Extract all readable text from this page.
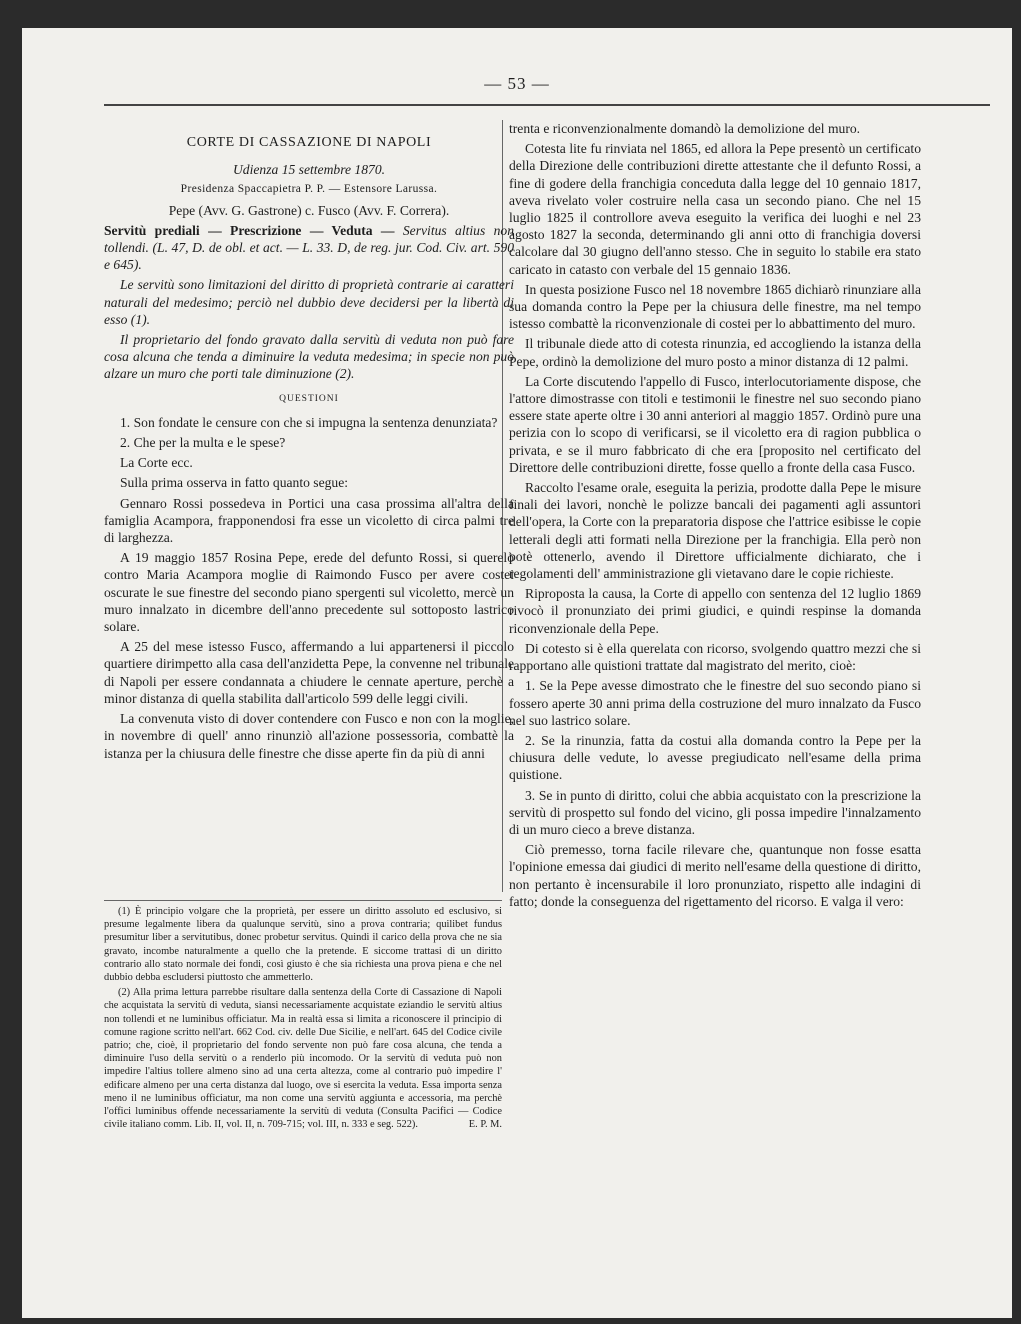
— 53 —
CORTE DI CASSAZIONE DI NAPOLI

Udienza 15 settembre 1870.

Presidenza Spaccapietra P. P. — Estensore Larussa.

Pepe (Avv. G. Gastrone) c. Fusco (Avv. F. Correra).

Servitù prediali — Prescrizione — Veduta — Servitus altius non tollendi. (L. 47, D. de obl. et act. — L. 33. D, de reg. jur. Cod. Civ. art. 590 e 645).

Le servitù sono limitazioni del diritto di proprietà contrarie ai caratteri naturali del medesimo; perciò nel dubbio deve decidersi per la libertà di esso (1).

Il proprietario del fondo gravato dalla servitù di veduta non può fare cosa alcuna che tenda a diminuire la veduta medesima; in specie non può alzare un muro che porti tale diminuzione (2).

QUESTIONI

1. Son fondate le censure con che si impugna la sentenza denunziata?

2. Che per la multa e le spese?

La Corte ecc.

Sulla prima osserva in fatto quanto segue:

Gennaro Rossi possedeva in Portici una casa prossima all'altra della famiglia Acampora, frapponendosi fra esse un vicoletto di circa palmi tre di larghezza.

A 19 maggio 1857 Rosina Pepe, erede del defunto Rossi, si querelò contro Maria Acampora moglie di Raimondo Fusco per avere costei oscurate le sue finestre del secondo piano spergenti sul vicoletto, mercè un muro innalzato in dicembre dell'anno precedente sul sottoposto lastrico solare.

A 25 del mese istesso Fusco, affermando a lui appartenersi il piccolo quartiere dirimpetto alla casa dell'anzidetta Pepe, la convenne nel tribunale di Napoli per essere condannata a chiudere le cennate aperture, perchè a minor distanza di quella stabilita dall'articolo 599 delle leggi civili.

La convenuta visto di dover contendere con Fusco e non con la moglie, in novembre di quell' anno rinunziò all'azione possessoria, combattè la istanza per la chiusura delle finestre che disse aperte fin da più di anni

trenta e riconvenzionalmente domandò la demolizione del muro.

Cotesta lite fu rinviata nel 1865, ed allora la Pepe presentò un certificato della Direzione delle contribuzioni dirette attestante che il defunto Rossi, a fine di godere della franchigia conceduta dalla legge del 10 gennaio 1817, aveva rivelato voler costruire nella casa un secondo piano. Che nel 15 luglio 1825 il controllore aveva eseguito la verifica dei luoghi e nel 23 agosto 1827 la seconda, determinando gli anni otto di franchigia doversi calcolare dal 30 giugno dell'anno stesso. Che in seguito lo stabile era stato caricato in catasto con verbale del 15 gennaio 1836.

In questa posizione Fusco nel 18 novembre 1865 dichiarò rinunziare alla sua domanda contro la Pepe per la chiusura delle finestre, ma nel tempo istesso combattè la riconvenzionale di costei per lo abbattimento del muro.

Il tribunale diede atto di cotesta rinunzia, ed accogliendo la istanza della Pepe, ordinò la demolizione del muro posto a minor distanza di 12 palmi.

La Corte discutendo l'appello di Fusco, interlocutoriamente dispose, che l'attore dimostrasse con titoli e testimonii le finestre nel suo secondo piano essere state aperte oltre i 30 anni anteriori al maggio 1857. Ordinò pure una perizia con lo scopo di verificarsi, se il vicoletto era di ragion pubblica o privata, e se il muro fabbricato di che era [proposito nel certificato del Direttore delle contribuzioni dirette, fosse quello a fronte della casa Fusco.

Raccolto l'esame orale, eseguita la perizia, prodotte dalla Pepe le misure finali dei lavori, nonchè le polizze bancali dei pagamenti agli assuntori dell'opera, la Corte con la preparatoria dispose che l'attrice esibisse le copie letterali degli atti formati nella Direzione per la franchigia. Ella però non potè ottenerlo, avendo il Direttore ufficialmente dichiarato, che i regolamenti dell' amministrazione gli vietavano dare le copie richieste.

Riproposta la causa, la Corte di appello con sentenza del 12 luglio 1869 rivocò il pronunziato dei primi giudici, e quindi respinse la domanda riconvenzionale della Pepe.

Di cotesto si è ella querelata con ricorso, svolgendo quattro mezzi che si rapportano alle quistioni trattate dal magistrato del merito, cioè:

1. Se la Pepe avesse dimostrato che le finestre del suo secondo piano si fossero aperte 30 anni prima della costruzione del muro innalzato da Fusco nel suo lastrico solare.

2. Se la rinunzia, fatta da costui alla domanda contro la Pepe per la chiusura delle vedute, lo avesse pregiudicato nell'esame della prima quistione.

3. Se in punto di diritto, colui che abbia acquistato con la prescrizione la servitù di prospetto sul fondo del vicino, gli possa impedire l'innalzamento di un muro cieco a breve distanza.

Ciò premesso, torna facile rilevare che, quantunque non fosse esatta l'opinione emessa dai giudici di merito nell'esame della questione di diritto, non pertanto è incensurabile il loro pronunziato, rispetto alle indagini di fatto; donde la conseguenza del rigettamento del ricorso. E valga il vero:

(1) È principio volgare che la proprietà, per essere un diritto assoluto ed esclusivo, si presume legalmente libera da qualunque servitù, sino a prova contraria; quilibet fundus presumitur liber a servitutibus, donec probetur servitus. Quindi il carico della prova che ne sia gravato, incombe naturalmente a quello che la pretende. E siccome trattasi di un diritto contrario allo stato normale dei fondi, così giusto è che sia richiesta una prova piena e che nel dubbio debba escludersi piuttosto che ammetterlo.

(2) Alla prima lettura parrebbe risultare dalla sentenza della Corte di Cassazione di Napoli che acquistata la servitù di veduta, siansi necessariamente acquistate eziandio le servitù altius non tollendi et ne luminibus officiatur. Ma in realtà essa si limita a riconoscere il principio di comune ragione scritto nell'art. 662 Cod. civ. delle Due Sicilie, e nell'art. 645 del Codice civile patrio; che, cioè, il proprietario del fondo servente non può fare cosa alcuna, che tenda a diminuire l'uso della servitù o a renderlo più incomodo. Or la servitù di veduta può non impedire l'altius tollere almeno sino ad una certa altezza, come al contrario può impedire l' edificare almeno per una certa distanza dal luogo, ove si esercita la veduta. Essa importa senza meno il ne luminibus officiatur, ma non come una servitù aggiunta e accessoria, ma perchè l'offici luminibus offende necessariamente la servitù di veduta (Consulta Pacifici — Codice civile italiano comm. Lib. II, vol. II, n. 709-715; vol. III, n. 333 e seg. 522).	E. P. M.
